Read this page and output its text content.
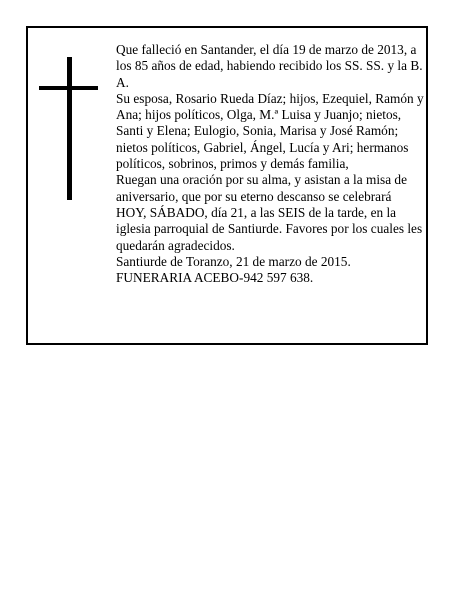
Que falleció en Santander, el día 19 de marzo de 2013, a los 85 años de edad, habiendo recibido los SS. SS. y la B. A.

Su esposa, Rosario Rueda Díaz; hijos, Ezequiel, Ramón y Ana; hijos políticos, Olga, M.ª Luisa y Juanjo; nietos, Santi y Elena; Eulogio, Sonia, Marisa y José Ramón; nietos políticos, Gabriel, Ángel, Lucía y Ari; hermanos políticos, sobrinos, primos y demás familia,

Ruegan una oración por su alma, y asistan a la misa de aniversario, que por su eterno descanso se celebrará HOY, SÁBADO, día 21, a las SEIS de la tarde, en la iglesia parroquial de Santiurde. Favores por los cuales les quedarán agradecidos.

Santiurde de Toranzo, 21 de marzo de 2015.

FUNERARIA ACEBO-942 597 638.
